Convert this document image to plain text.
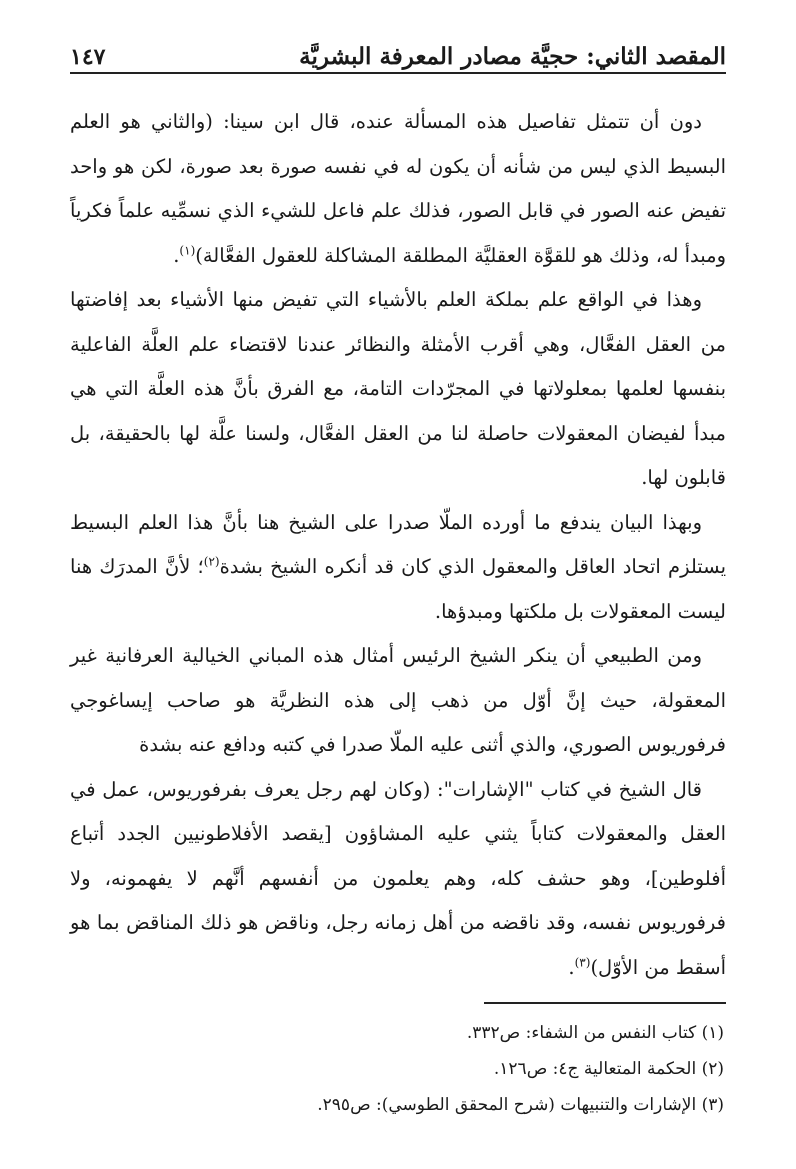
المقصد الثاني: حجيَّة مصادر المعرفة البشريَّة
١٤٧

دون أن تتمثل تفاصيل هذه المسألة عنده، قال ابن سينا: (والثاني هو العلم البسيط الذي ليس من شأنه أن يكون له في نفسه صورة بعد صورة، لكن هو واحد تفيض عنه الصور في قابل الصور، فذلك علم فاعل للشيء الذي نسمِّيه علماً فكرياً ومبدأ له، وذلك هو للقوَّة العقليَّة المطلقة المشاكلة للعقول الفعَّالة)$^{(١)}$.

وهذا في الواقع علم بملكة العلم بالأشياء التي تفيض منها الأشياء بعد إفاضتها من العقل الفعَّال، وهي أقرب الأمثلة والنظائر عندنا لاقتضاء علم العلَّة الفاعلية بنفسها لعلمها بمعلولاتها في المجرّدات التامة، مع الفرق بأنَّ هذه العلَّة التي هي مبدأ لفيضان المعقولات حاصلة لنا من العقل الفعَّال، ولسنا علَّة لها بالحقيقة، بل قابلون لها.

وبهذا البيان يندفع ما أورده الملّا صدرا على الشيخ هنا بأنَّ هذا العلم البسيط يستلزم اتحاد العاقل والمعقول الذي كان قد أنكره الشيخ بشدة$^{(٢)}$؛ لأنَّ المدرَك هنا ليست المعقولات بل ملكتها ومبدؤها.

ومن الطبيعي أن ينكر الشيخ الرئيس أمثال هذه المباني الخيالية العرفانية غير المعقولة، حيث إنَّ أوّل من ذهب إلى هذه النظريَّة هو صاحب إيساغوجي فرفوريوس الصوري، والذي أثنى عليه الملّا صدرا في كتبه ودافع عنه بشدة

قال الشيخ في كتاب "الإشارات": (وكان لهم رجل يعرف بفرفوريوس، عمل في العقل والمعقولات كتاباً يثني عليه المشاؤون [يقصد الأفلاطونيين الجدد أتباع أفلوطين]، وهو حشف كله، وهم يعلمون من أنفسهم أنَّهم لا يفهمونه، ولا فرفوريوس نفسه، وقد ناقضه من أهل زمانه رجل، وناقض هو ذلك المناقض بما هو أسقط من الأوّل)$^{(٣)}$.

(١) كتاب النفس من الشفاء: ص٣٣٢.

(٢) الحكمة المتعالية ج٤: ص١٢٦.

(٣) الإشارات والتنبيهات (شرح المحقق الطوسي): ص٢٩٥.
